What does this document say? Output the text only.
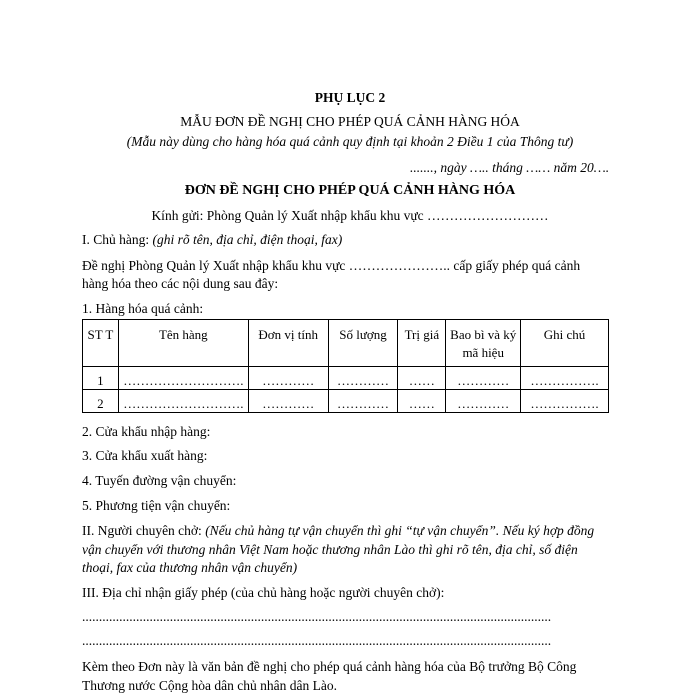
PHỤ LỤC 2
MẪU ĐƠN ĐỀ NGHỊ CHO PHÉP QUÁ CẢNH HÀNG HÓA
(Mẫu này dùng cho hàng hóa quá cảnh quy định tại khoản 2 Điều 1 của Thông tư)
......., ngày ….. tháng …… năm 20….
ĐƠN ĐỀ NGHỊ CHO PHÉP QUÁ CẢNH HÀNG HÓA
Kính gửi: Phòng Quản lý Xuất nhập khẩu khu vực ………………………
I. Chủ hàng: (ghi rõ tên, địa chỉ, điện thoại, fax)
Đề nghị Phòng Quản lý Xuất nhập khẩu khu vực ………………….. cấp giấy phép quá cảnh
hàng hóa theo các nội dung sau đây:
1. Hàng hóa quá cảnh:
ST T	Tên hàng	Đơn vị tính	Số lượng	Trị giá	Bao bì và ký mã hiệu	Ghi chú
1	……………………….	…………	…………	……	…………	…………….
2	……………………….	…………	…………	……	…………	…………….
2. Cửa khẩu nhập hàng:
3. Cửa khẩu xuất hàng:
4. Tuyến đường vận chuyển:
5. Phương tiện vận chuyển:
II. Người chuyên chở: (Nếu chủ hàng tự vận chuyển thì ghi “tự vận chuyển”. Nếu ký hợp đồng
vận chuyển với thương nhân Việt Nam hoặc thương nhân Lào thì ghi rõ tên, địa chỉ, số điện
thoại, fax của thương nhân vận chuyển)
III. Địa chỉ nhận giấy phép (của chủ hàng hoặc người chuyên chở):
...........................................................................................................................................
...........................................................................................................................................
Kèm theo Đơn này là văn bản đề nghị cho phép quá cảnh hàng hóa của Bộ trưởng Bộ Công
Thương nước Cộng hòa dân chủ nhân dân Lào.
